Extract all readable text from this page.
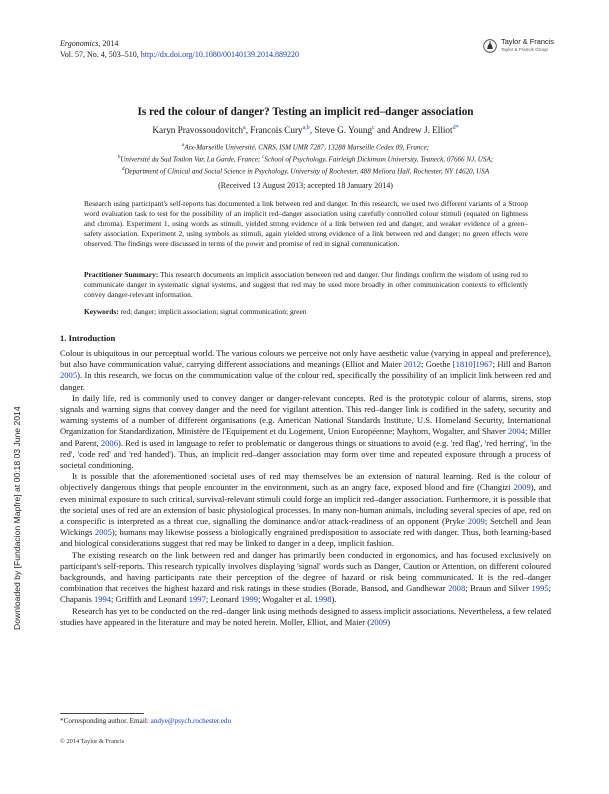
Downloaded by [Fundacion Mapfre] at 00:18 03 June 2014
Ergonomics, 2014
Vol. 57, No. 4, 503–510, http://dx.doi.org/10.1080/00140139.2014.889220
Taylor & Francis
Taylor & Francis Group
Is red the colour of danger? Testing an implicit red–danger association
Karyn Pravossoudovitch$^a$, Francois Cury$^{a,b}$, Steve G. Young$^c$ and Andrew J. Elliot$^{d*}$
$^a$Aix-Marseille Université, CNRS, ISM UMR 7287, 13288 Marseille Cedex 09, France;
$^b$Université du Sud Toulon Var, La Garde, France; $^c$School of Psychology, Fairleigh Dickinson University, Teaneck, 07666 NJ, USA;
$^d$Department of Clinical and Social Science in Psychology, University of Rochester, 488 Meliora Hall, Rochester, NY 14620, USA
(Received 13 August 2013; accepted 18 January 2014)
Research using participant's self-reports has documented a link between red and danger. In this research, we used two different variants of a Stroop word evaluation task to test for the possibility of an implicit red–danger association using carefully controlled colour stimuli (equated on lightness and chroma). Experiment 1, using words as stimuli, yielded strong evidence of a link between red and danger, and weaker evidence of a green–safety association. Experiment 2, using symbols as stimuli, again yielded strong evidence of a link between red and danger; no green effects were observed. The findings were discussed in terms of the power and promise of red in signal communication.
Practitioner Summary: This research documents an implicit association between red and danger. Our findings confirm the wisdom of using red to communicate danger in systematic signal systems, and suggest that red may be used more broadly in other communication contexts to efficiently convey danger-relevant information.
Keywords: red; danger; implicit association; signal communication; green
1. Introduction

Colour is ubiquitous in our perceptual world. The various colours we perceive not only have aesthetic value (varying in appeal and preference), but also have communication value, carrying different associations and meanings (Elliot and Maier 2012; Goethe [1810]1967; Hill and Barton 2005). In this research, we focus on the communication value of the colour red, specifically the possibility of an implicit link between red and danger.

In daily life, red is commonly used to convey danger or danger-relevant concepts. Red is the prototypic colour of alarms, sirens, stop signals and warning signs that convey danger and the need for vigilant attention. This red–danger link is codified in the safety, security and warning systems of a number of different organisations (e.g. American National Standards Institute, U.S. Homeland Security, International Organization for Standardization, Ministère de l'Equipement et du Logement, Union Européenne; Mayhorn, Wogalter, and Shaver 2004; Miller and Parent, 2006). Red is used in language to refer to problematic or dangerous things or situations to avoid (e.g. 'red flag', 'red herring', 'in the red', 'code red' and 'red handed'). Thus, an implicit red–danger association may form over time and repeated exposure through a process of societal conditioning.

It is possible that the aforementioned societal uses of red may themselves be an extension of natural learning. Red is the colour of objectively dangerous things that people encounter in the environment, such as an angry face, exposed blood and fire (Changizi 2009), and even minimal exposure to such critical, survival-relevant stimuli could forge an implicit red–danger association. Furthermore, it is possible that the societal uses of red are an extension of basic physiological processes. In many non-human animals, including several species of ape, red on a conspecific is interpreted as a threat cue, signalling the dominance and/or attack-readiness of an opponent (Pryke 2009; Setchell and Jean Wickings 2005); humans may likewise possess a biologically engrained predisposition to associate red with danger. Thus, both learning-based and biological considerations suggest that red may be linked to danger in a deep, implicit fashion.

The existing research on the link between red and danger has primarily been conducted in ergonomics, and has focused exclusively on participant's self-reports. This research typically involves displaying 'signal' words such as Danger, Caution or Attention, on different coloured backgrounds, and having participants rate their perception of the degree of hazard or risk being communicated. It is the red–danger combination that receives the highest hazard and risk ratings in these studies (Borade, Bansod, and Gandhewar 2008; Braun and Silver 1995; Chapanis 1994; Griffith and Leonard 1997; Leonard 1999; Wogalter et al. 1998).

Research has yet to be conducted on the red–danger link using methods designed to assess implicit associations. Nevertheless, a few related studies have appeared in the literature and may be noted herein. Moller, Elliot, and Maier (2009)

*Corresponding author. Email: andye@psych.rochester.edu
© 2014 Taylor & Francis
